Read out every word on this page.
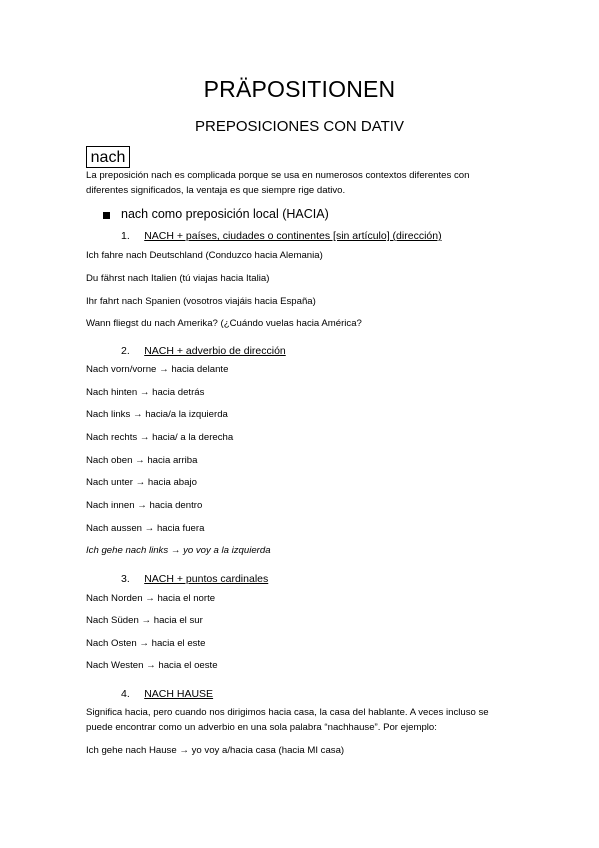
PRÄPOSITIONEN
PREPOSICIONES CON DATIV
nach
La preposición nach es complicada porque se usa en numerosos contextos diferentes con
diferentes significados, la ventaja es que siempre rige dativo.
nach como preposición local (HACIA)
1. NACH + países, ciudades o continentes [sin artículo] (dirección)
Ich fahre nach Deutschland (Conduzco hacia Alemania)
Du fährst nach Italien (tú viajas hacia Italia)
Ihr fahrt nach Spanien (vosotros viajáis hacia España)
Wann fliegst du nach Amerika? (¿Cuándo vuelas hacia América?
2. NACH + adverbio de dirección
Nach vorn/vorne → hacia delante
Nach hinten → hacia detrás
Nach links → hacia/a la izquierda
Nach rechts → hacia/ a la derecha
Nach oben → hacia arriba
Nach unter → hacia abajo
Nach innen → hacia dentro
Nach aussen → hacia fuera
Ich gehe nach links → yo voy a la izquierda
3. NACH + puntos cardinales
Nach Norden → hacia el norte
Nach Süden → hacia el sur
Nach Osten → hacia el este
Nach Westen → hacia el oeste
4. NACH HAUSE
Significa hacia, pero cuando nos dirigimos hacia casa, la casa del hablante. A veces incluso se
puede encontrar como un adverbio en una sola palabra “nachhause”. Por ejemplo:
Ich gehe nach Hause → yo voy a/hacia casa (hacia MI casa)
